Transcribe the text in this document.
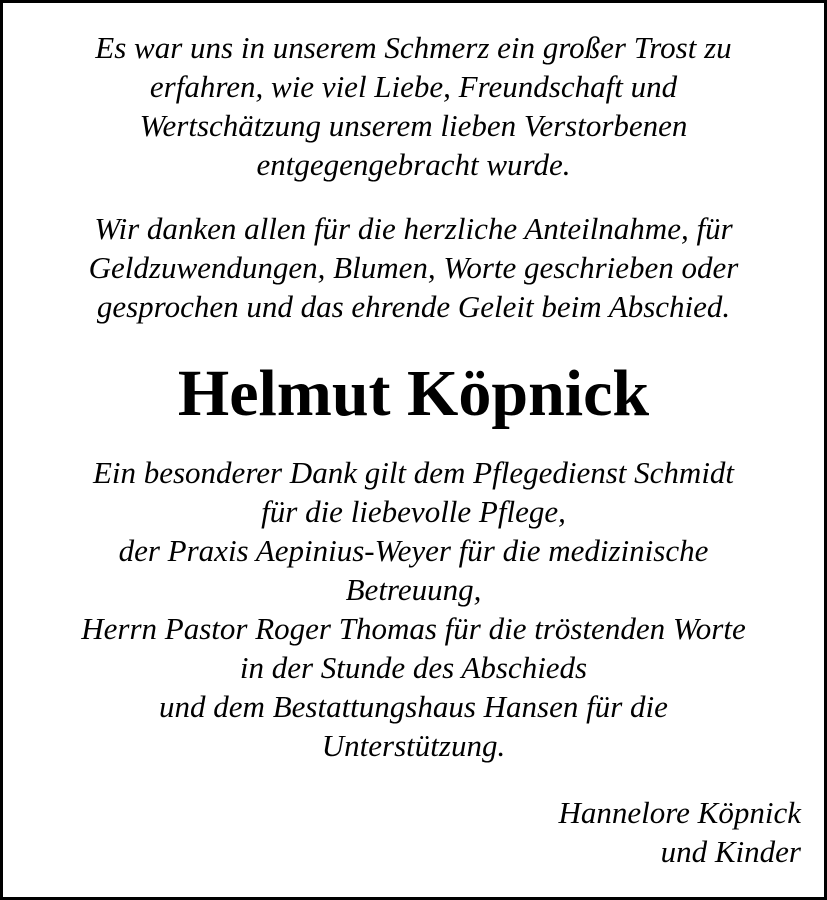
Es war uns in unserem Schmerz ein großer Trost zu
erfahren, wie viel Liebe, Freundschaft und
Wertschätzung unserem lieben Verstorbenen
entgegengebracht wurde.
Wir danken allen für die herzliche Anteilnahme, für
Geldzuwendungen, Blumen, Worte geschrieben oder
gesprochen und das ehrende Geleit beim Abschied.
Helmut Köpnick
Ein besonderer Dank gilt dem Pflegedienst Schmidt
für die liebevolle Pflege,
der Praxis Aepinius-Weyer für die medizinische
Betreuung,
Herrn Pastor Roger Thomas für die tröstenden Worte
in der Stunde des Abschieds
und dem Bestattungshaus Hansen für die
Unterstützung.
Hannelore Köpnick
und Kinder
